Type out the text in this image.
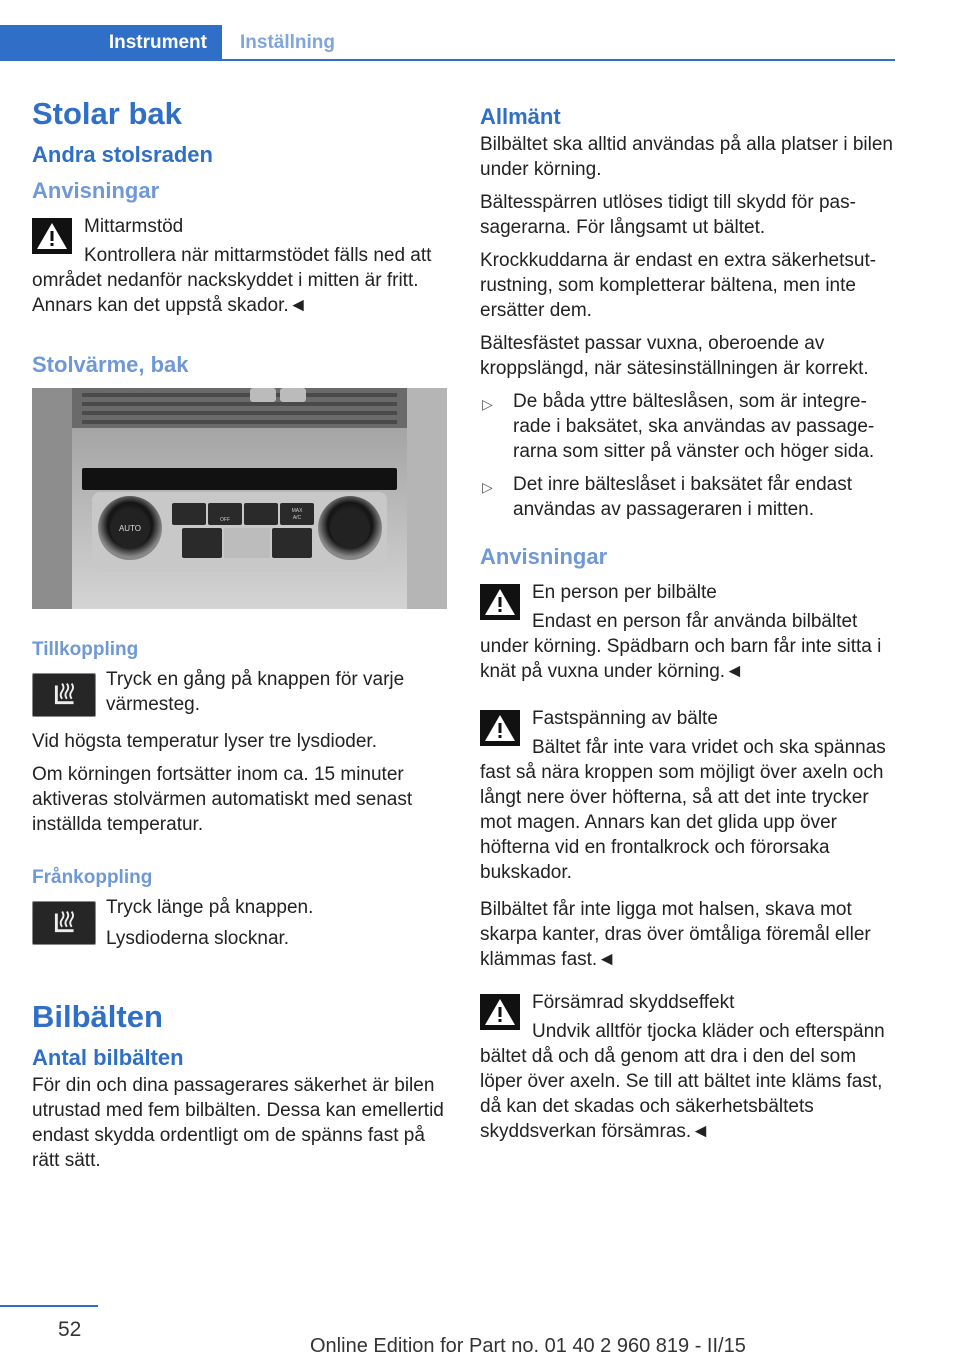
Instrument	Inställning
Stolar bak
Andra stolsraden
Anvisningar

Mittarmstöd

Kontrollera när mittarmstödet fälls ned att området nedanför nackskyddet i mitten är fritt. Annars kan det uppstå skador.◄

Stolvärme, bak
AUTO
OFF
MAX
A/C
Tillkoppling

Tryck en gång på knappen för varje värmesteg.

Vid högsta temperatur lyser tre lysdioder.

Om körningen fortsätter inom ca. 15 minuter aktiveras stolvärmen automatiskt med senast inställda temperatur.

Frånkoppling

Tryck länge på knappen.

Lysdioderna slocknar.

Bilbälten
Antal bilbälten

För din och dina passagerares säkerhet är bilen utrustad med fem bilbälten. Dessa kan emellertid endast skydda ordentligt om de spänns fast på rätt sätt.

Allmänt

Bilbältet ska alltid användas på alla platser i bilen under körning.

Bältesspärren utlöses tidigt till skydd för passagerarna. För långsamt ut bältet.

Krockkuddarna är endast en extra säkerhetsutrustning, som kompletterar bältena, men inte ersätter dem.

Bältesfästet passar vuxna, oberoende av kroppslängd, när sätesinställningen är korrekt.

▷ De båda yttre bälteslåsen, som är integrerade i baksätet, ska användas av passagerarna som sitter på vänster och höger sida.
▷ Det inre bälteslåset i baksätet får endast användas av passageraren i mitten.
Anvisningar

En person per bilbälte

Endast en person får använda bilbältet under körning. Spädbarn och barn får inte sitta i knät på vuxna under körning.◄

Fastspänning av bälte

Bältet får inte vara vridet och ska spännas fast så nära kroppen som möjligt över axeln och långt nere över höfterna, så att det inte trycker mot magen. Annars kan det glida upp över höfterna vid en frontalkrock och förorsaka bukskador.

Bilbältet får inte ligga mot halsen, skava mot skarpa kanter, dras över ömtåliga föremål eller klämmas fast.◄

Försämrad skyddseffekt

Undvik alltför tjocka kläder och efterspänn bältet då och då genom att dra i den del som löper över axeln. Se till att bältet inte kläms fast, då kan det skadas och säkerhetsbältets skyddsverkan försämras.◄

52
Online Edition for Part no. 01 40 2 960 819 - II/15
